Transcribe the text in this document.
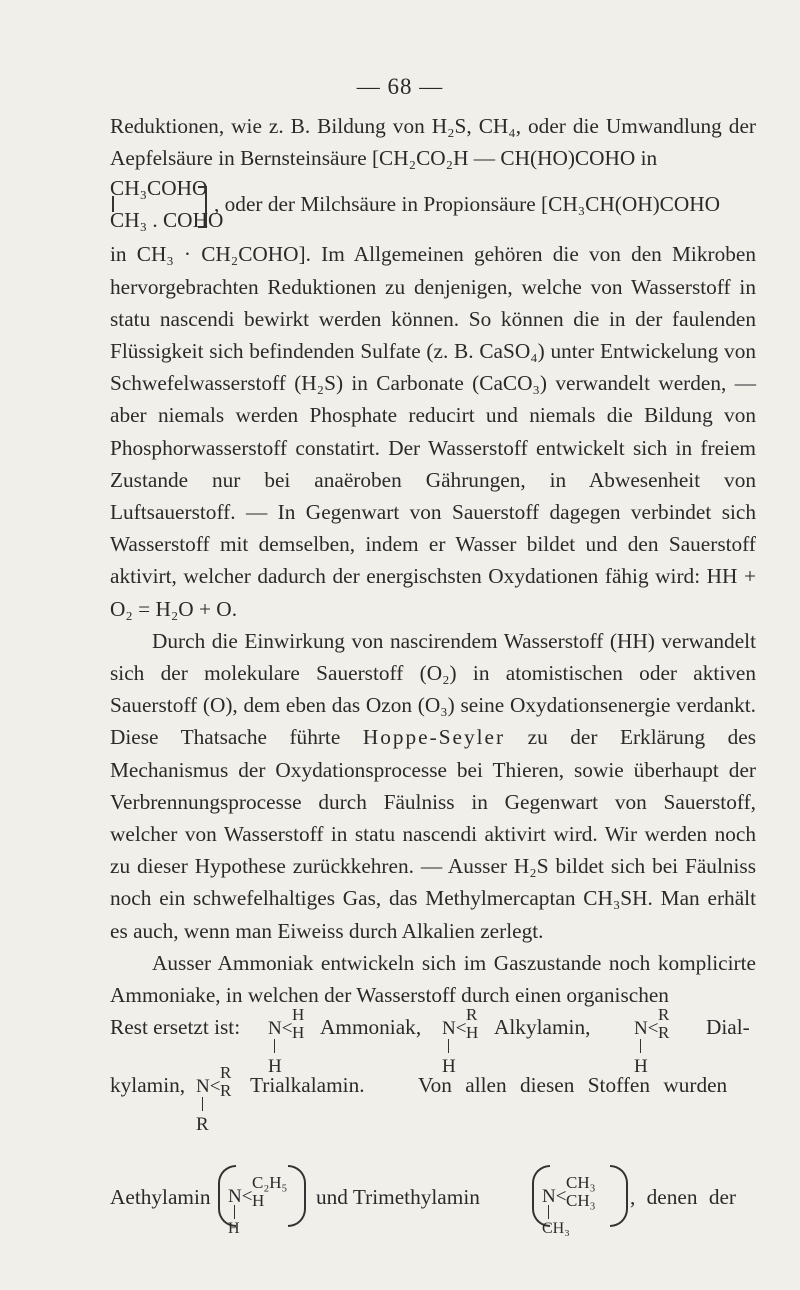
— 68 —

Reduktionen, wie z. B. Bildung von H₂S, CH₄, oder die Umwandlung der Aepfelsäure in Bernsteinsäure [CH₂CO₂H — CH(HO)COHO in

CH₃COHO
CH₃ . COHO
, oder der Milchsäure in Propionsäure [CH₃CH(OH)COHO

in CH₃ · CH₂COHO]. Im Allgemeinen gehören die von den Mikroben hervorgebrachten Reduktionen zu denjenigen, welche von Wasserstoff in statu nascendi bewirkt werden können. So können die in der faulenden Flüssigkeit sich befindenden Sulfate (z. B. CaSO₄) unter Entwickelung von Schwefelwasserstoff (H₂S) in Carbonate (CaCO₃) verwandelt werden, — aber niemals werden Phosphate reducirt und niemals die Bildung von Phosphorwasserstoff constatirt. Der Wasserstoff entwickelt sich in freiem Zustande nur bei anaëroben Gährungen, in Abwesenheit von Luftsauerstoff. — In Gegenwart von Sauerstoff dagegen verbindet sich Wasserstoff mit demselben, indem er Wasser bildet und den Sauerstoff aktivirt, welcher dadurch der energischsten Oxydationen fähig wird: HH + O₂ = H₂O + O.

Durch die Einwirkung von nascirendem Wasserstoff (HH) verwandelt sich der molekulare Sauerstoff (O₂) in atomistischen oder aktiven Sauerstoff (O), dem eben das Ozon (O₃) seine Oxydationsenergie verdankt. Diese Thatsache führte Hoppe-Seyler zu der Erklärung des Mechanismus der Oxydationsprocesse bei Thieren, sowie überhaupt der Verbrennungsprocesse durch Fäulniss in Gegenwart von Sauerstoff, welcher von Wasserstoff in statu nascendi aktivirt wird. Wir werden noch zu dieser Hypothese zurückkehren. — Ausser H₂S bildet sich bei Fäulniss noch ein schwefelhaltiges Gas, das Methylmercaptan CH₃SH. Man erhält es auch, wenn man Eiweiss durch Alkalien zerlegt.

Ausser Ammoniak entwickeln sich im Gaszustande noch komplicirte Ammoniake, in welchen der Wasserstoff durch einen organischen

Rest ersetzt ist: N<
H
H
H
Ammoniak, N<
R
H
H
Alkylamin, N<
R
R
H
Dial-
kylamin, N<
R
R
R
Trialkalamin.	Von allen diesen Stoffen wurden
Aethylamin N<
C₂H₅
H
H
und Trimethylamin	N<
CH₃
CH₃
CH₃
, denen der
